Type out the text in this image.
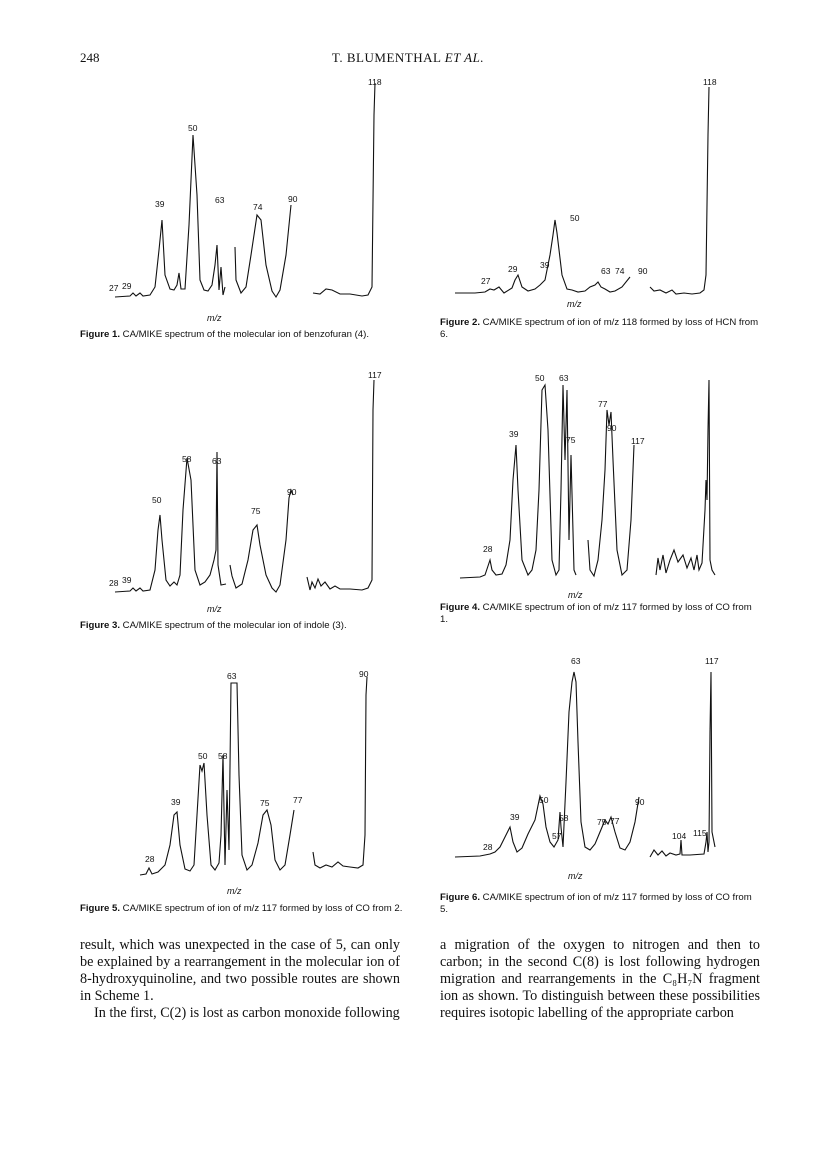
248	T. BLUMENTHAL ET AL.
27 29
39
50
63
74
90
118
m/z
Figure 1. CA/MIKE spectrum of the molecular ion of benzofuran (4).
27
29	39
50
63 74 90
118
m/z
Figure 2. CA/MIKE spectrum of ion of m/z 118 formed by loss of HCN from 6.
28 39
50
58 63
75
90
117
m/z
Figure 3. CA/MIKE spectrum of the molecular ion of indole (3).
28
39
50 63
75
77
90
117
m/z
Figure 4. CA/MIKE spectrum of ion of m/z 117 formed by loss of CO from 1.
28
39
50 58
63
75	77
90
m/z
Figure 5. CA/MIKE spectrum of ion of m/z 117 formed by loss of CO from 2.
28
39
50
57
58
63
75 77
90
104 115
117
m/z
Figure 6. CA/MIKE spectrum of ion of m/z 117 formed by loss of CO from 5.

result, which was unexpected in the case of 5, can only be explained by a rearrangement in the molecular ion of 8-hydroxyquinoline, and two possible routes are shown in Scheme 1.

In the first, C(2) is lost as carbon monoxide following

a migration of the oxygen to nitrogen and then to carbon; in the second C(8) is lost following hydrogen migration and rearrangements in the C₈H₇N fragment ion as shown. To distinguish between these possibilities requires isotopic labelling of the appropriate carbon
